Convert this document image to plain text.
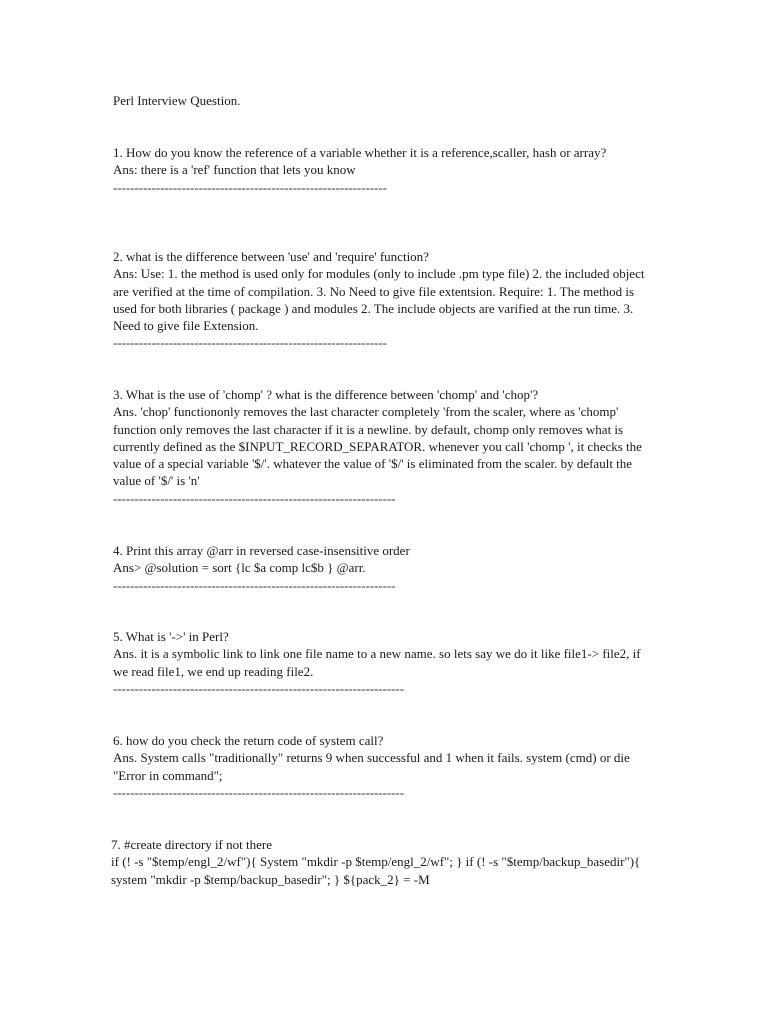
Perl Interview Question.

1. How do you know the reference of a variable whether it is a reference,scaller, hash or array?

Ans: there is a 'ref' function that lets you know

----------------------------------------------------------------

2. what is the difference between 'use' and 'require' function?

Ans: Use: 1. the method is used only for modules (only to include .pm type file) 2. the included object are verified at the time of compilation. 3. No Need to give file extentsion. Require: 1. The method is used for both libraries ( package ) and modules 2. The include objects are varified at the run time. 3. Need to give file Extension.

----------------------------------------------------------------

3. What is the use of 'chomp' ? what is the difference between 'chomp' and 'chop'?

Ans. 'chop' functiononly removes the last character completely 'from the scaler, where as 'chomp' function only removes the last character if it is a newline. by default, chomp only removes what is currently defined as the $INPUT_RECORD_SEPARATOR. whenever you call 'chomp ', it checks the value of a special variable '$/'. whatever the value of '$/' is eliminated from the scaler. by default the value of '$/' is 'n'

------------------------------------------------------------------

4. Print this array @arr in reversed case-insensitive order

Ans> @solution = sort {lc $a comp lc$b } @arr.

------------------------------------------------------------------

5. What is '->' in Perl?

Ans. it is a symbolic link to link one file name to a new name. so lets say we do it like file1-> file2, if we read file1, we end up reading file2.

--------------------------------------------------------------------

6. how do you check the return code of system call?

Ans. System calls "traditionally" returns 9 when successful and 1 when it fails. system (cmd) or die "Error in command";

--------------------------------------------------------------------

7. #create directory if not there

if (! -s "$temp/engl_2/wf"){ System "mkdir -p $temp/engl_2/wf"; } if (! -s "$temp/backup_basedir"){ system "mkdir -p $temp/backup_basedir"; } ${pack_2} = -M
